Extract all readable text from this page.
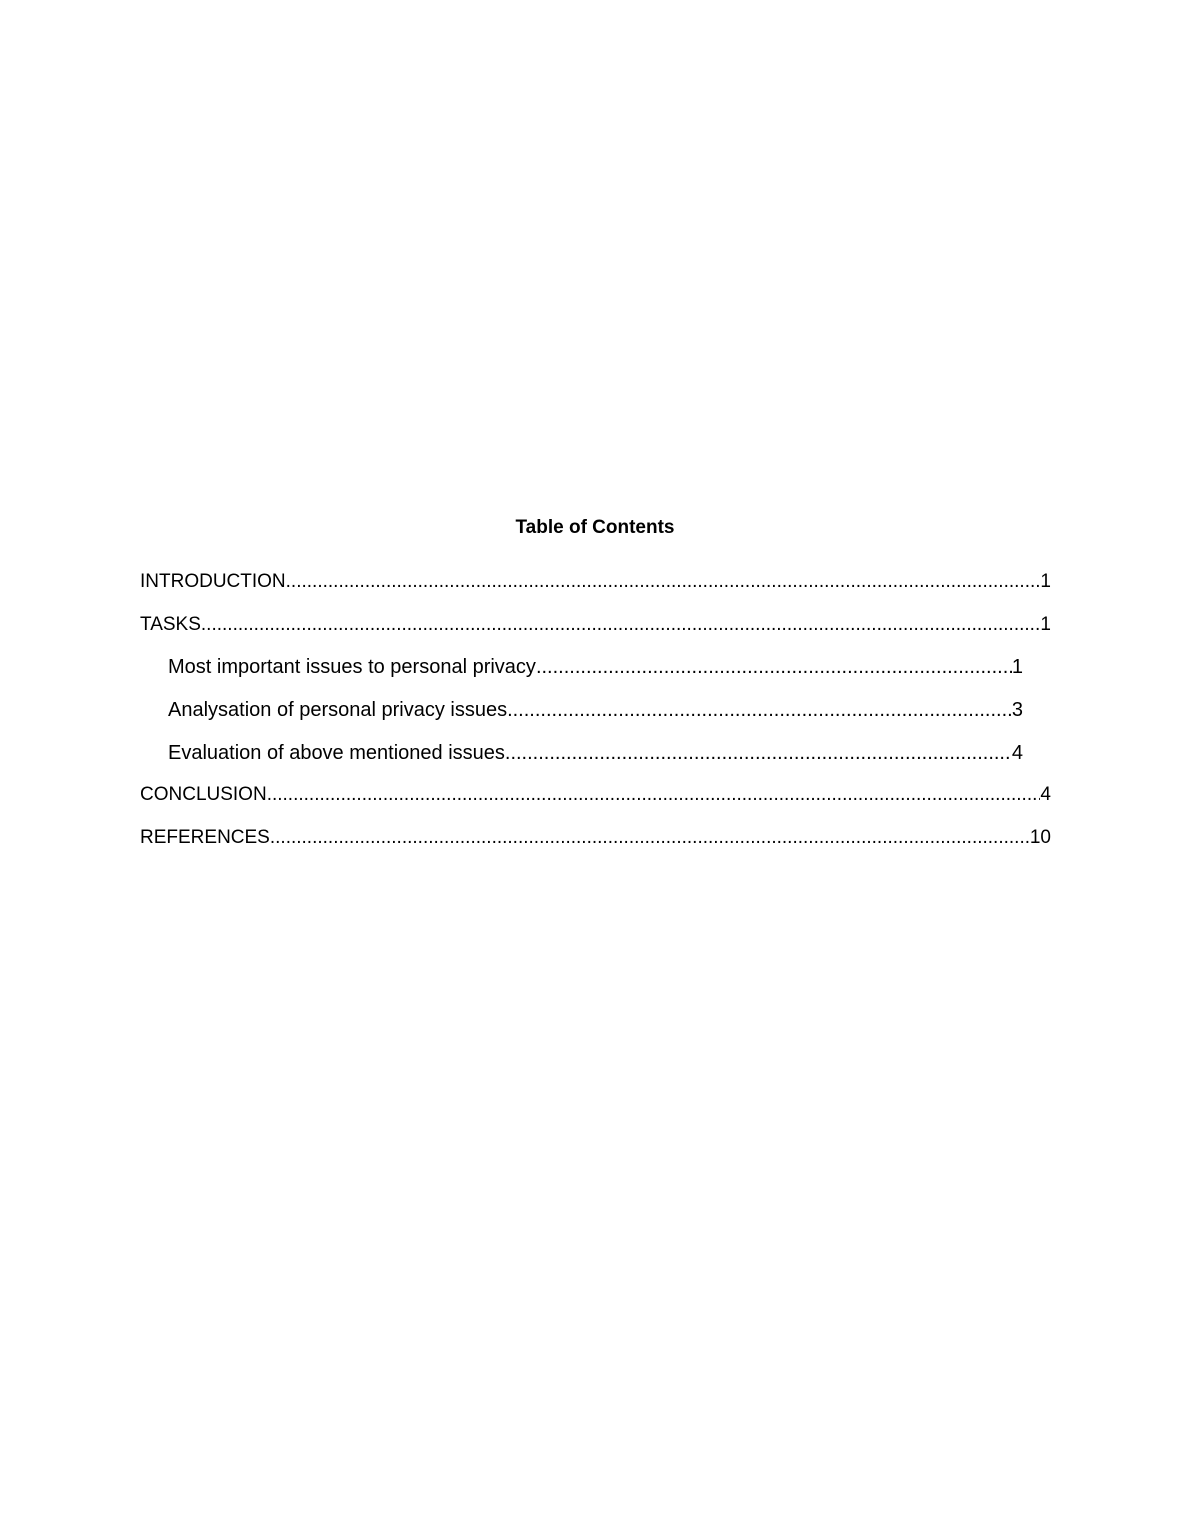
Table of Contents
INTRODUCTION .....	1
TASKS .....	1
Most important issues to personal privacy .....	1
Analysation of personal privacy issues .....	3
Evaluation of above mentioned issues .....	4
CONCLUSION .....	4
REFERENCES .....	10
